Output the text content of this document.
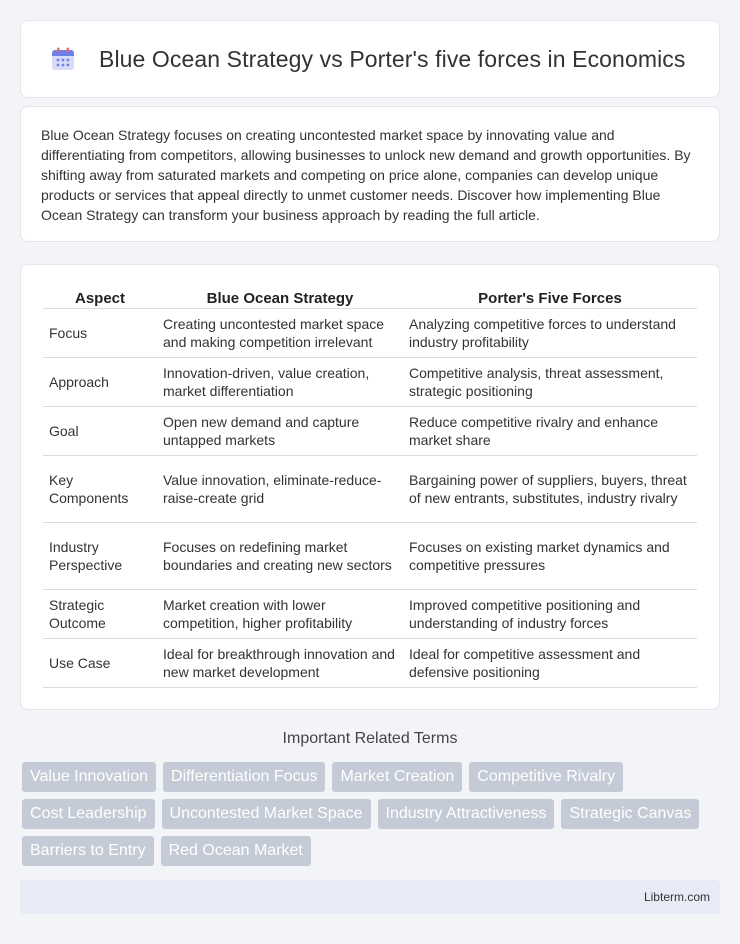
Blue Ocean Strategy vs Porter's five forces in Economics

Blue Ocean Strategy focuses on creating uncontested market space by innovating value and differentiating from competitors, allowing businesses to unlock new demand and growth opportunities. By shifting away from saturated markets and competing on price alone, companies can develop unique products or services that appeal directly to unmet customer needs. Discover how implementing Blue Ocean Strategy can transform your business approach by reading the full article.

Aspect	Blue Ocean Strategy	Porter's Five Forces
Focus	Creating uncontested market space and making competition irrelevant	Analyzing competitive forces to understand industry profitability
Approach	Innovation-driven, value creation, market differentiation	Competitive analysis, threat assessment, strategic positioning
Goal	Open new demand and capture untapped markets	Reduce competitive rivalry and enhance market share
Key Components	Value innovation, eliminate-reduce-raise-create grid	Bargaining power of suppliers, buyers, threat of new entrants, substitutes, industry rivalry
Industry Perspective	Focuses on redefining market boundaries and creating new sectors	Focuses on existing market dynamics and competitive pressures
Strategic Outcome	Market creation with lower competition, higher profitability	Improved competitive positioning and understanding of industry forces
Use Case	Ideal for breakthrough innovation and new market development	Ideal for competitive assessment and defensive positioning
Important Related Terms
Value Innovation	Differentiation Focus	Market Creation	Competitive Rivalry
Cost Leadership	Uncontested Market Space	Industry Attractiveness	Strategic Canvas
Barriers to Entry	Red Ocean Market
Libterm.com
